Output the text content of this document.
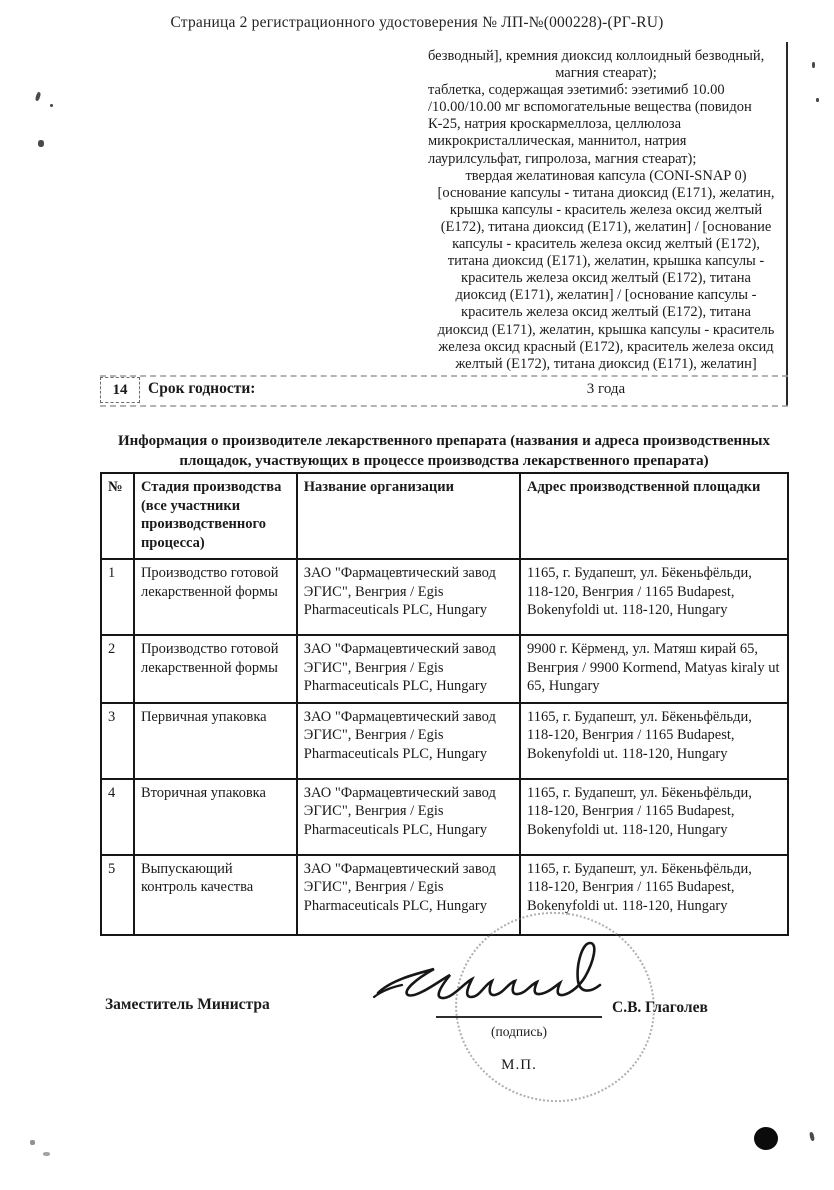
Страница 2 регистрационного удостоверения № ЛП-№(000228)-(РГ-RU)
безводный], кремния диоксид коллоидный безводный,
магния стеарат);
таблетка, содержащая эзетимиб: эзетимиб 10.00
/10.00/10.00 мг вспомогательные вещества (повидон
К-25, натрия кроскармеллоза, целлюлоза
микрокристаллическая, маннитол, натрия
лаурилсульфат, гипролоза, магния стеарат);
твердая желатиновая капсула (CONI-SNAP 0)
[основание капсулы - титана диоксид (E171), желатин,
крышка капсулы - краситель железа оксид желтый
(E172), титана диоксид (E171), желатин] / [основание
капсулы - краситель железа оксид желтый (E172),
титана диоксид (E171), желатин, крышка капсулы -
краситель железа оксид желтый (E172), титана
диоксид (E171), желатин] / [основание капсулы -
краситель железа оксид желтый (E172), титана
диоксид (E171), желатин, крышка капсулы - краситель
железа оксид красный (E172), краситель железа оксид
желтый (E172), титана диоксид (E171), желатин]
14 Срок годности:	3 года
Информация о производителе лекарственного препарата (названия и адреса производственных площадок, участвующих в процессе производства лекарственного препарата)
№	Стадия производства (все участники производственного процесса)	Название организации	Адрес производственной площадки
1	Производство готовой лекарственной формы	ЗАО "Фармацевтический завод ЭГИС", Венгрия / Egis Pharmaceuticals PLC, Hungary	1165, г. Будапешт, ул. Бёкеньфёльди, 118-120, Венгрия / 1165 Budapest, Bokenyfoldi ut. 118-120, Hungary
2	Производство готовой лекарственной формы	ЗАО "Фармацевтический завод ЭГИС", Венгрия / Egis Pharmaceuticals PLC, Hungary	9900 г. Кёрменд, ул. Матяш кирай 65, Венгрия / 9900 Kormend, Matyas kiraly ut 65, Hungary
3	Первичная упаковка	ЗАО "Фармацевтический завод ЭГИС", Венгрия / Egis Pharmaceuticals PLC, Hungary	1165, г. Будапешт, ул. Бёкеньфёльди, 118-120, Венгрия / 1165 Budapest, Bokenyfoldi ut. 118-120, Hungary
4	Вторичная упаковка	ЗАО "Фармацевтический завод ЭГИС", Венгрия / Egis Pharmaceuticals PLC, Hungary	1165, г. Будапешт, ул. Бёкеньфёльди, 118-120, Венгрия / 1165 Budapest, Bokenyfoldi ut. 118-120, Hungary
5	Выпускающий контроль качества	ЗАО "Фармацевтический завод ЭГИС", Венгрия / Egis Pharmaceuticals PLC, Hungary	1165, г. Будапешт, ул. Бёкеньфёльди, 118-120, Венгрия / 1165 Budapest, Bokenyfoldi ut. 118-120, Hungary
Заместитель Министра
(подпись)
С.В. Глаголев
М.П.
